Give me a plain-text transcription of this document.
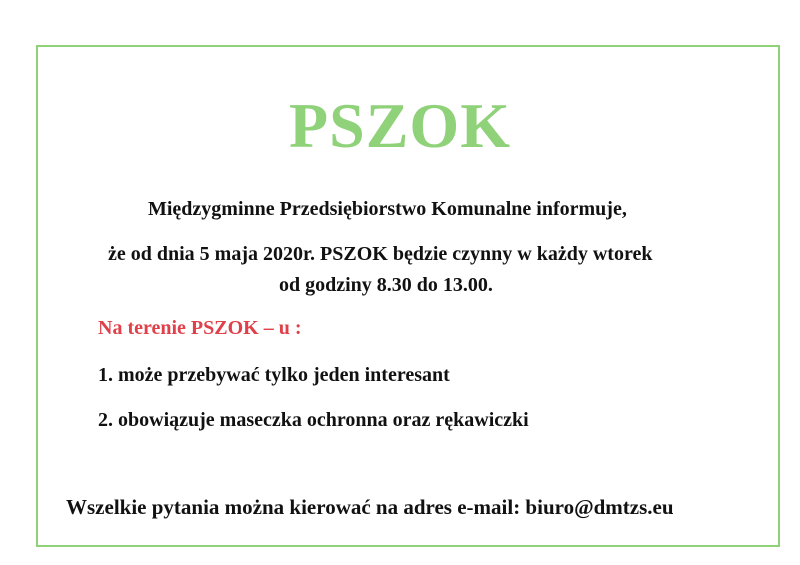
PSZOK
Międzygminne Przedsiębiorstwo Komunalne informuje,
że od dnia 5 maja 2020r. PSZOK będzie czynny w każdy wtorek
od godziny 8.30 do 13.00.
Na terenie PSZOK – u :
1. może przebywać tylko jeden interesant
2. obowiązuje maseczka ochronna oraz rękawiczki
Wszelkie pytania można kierować na adres e-mail: biuro@dmtzs.eu
